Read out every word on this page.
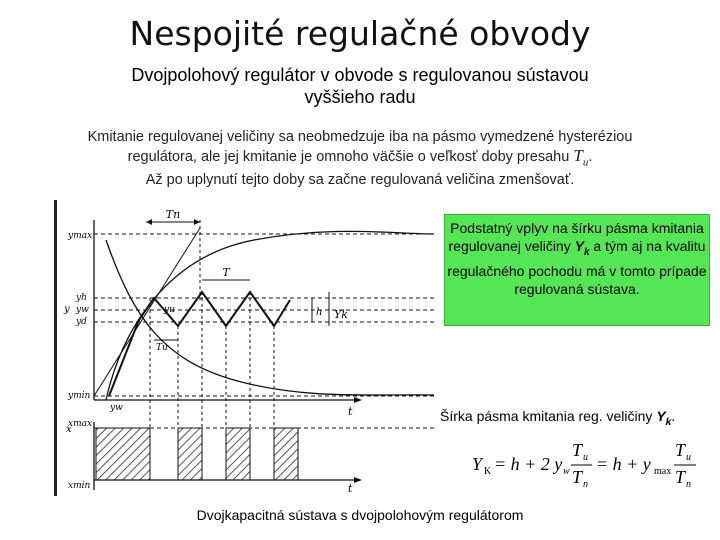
Nespojité regulačné obvody
Dvojpolohový regulátor v obvode s regulovanou sústavou vyššieho radu
Kmitanie regulovanej veličiny sa neobmedzuje iba na pásmo vymedzené hysteréziou
regulátora, ale jej kmitanie je omnoho väčšie o veľkosť doby presahu $T_u$.
Až po uplynutí tejto doby sa začne regulovaná veličina zmenšovať.
Tn
T
yu	h Yk
Tu
ymax
yh
yw
yd
y
ymin
yw	t
x
xmax
xmin	t
Podstatný vplyv na šírku pásma kmitania regulovanej veličiny $Y_k$ a tým aj na kvalitu regulačného pochodu má v tomto prípade regulovaná sústava.
Šírka pásma kmitania reg. veličiny $Y_k$.
Y K = h + 2 y w
T u
T n
= h + y max
T u
T n
Dvojkapacitná sústava s dvojpolohovým regulátorom
